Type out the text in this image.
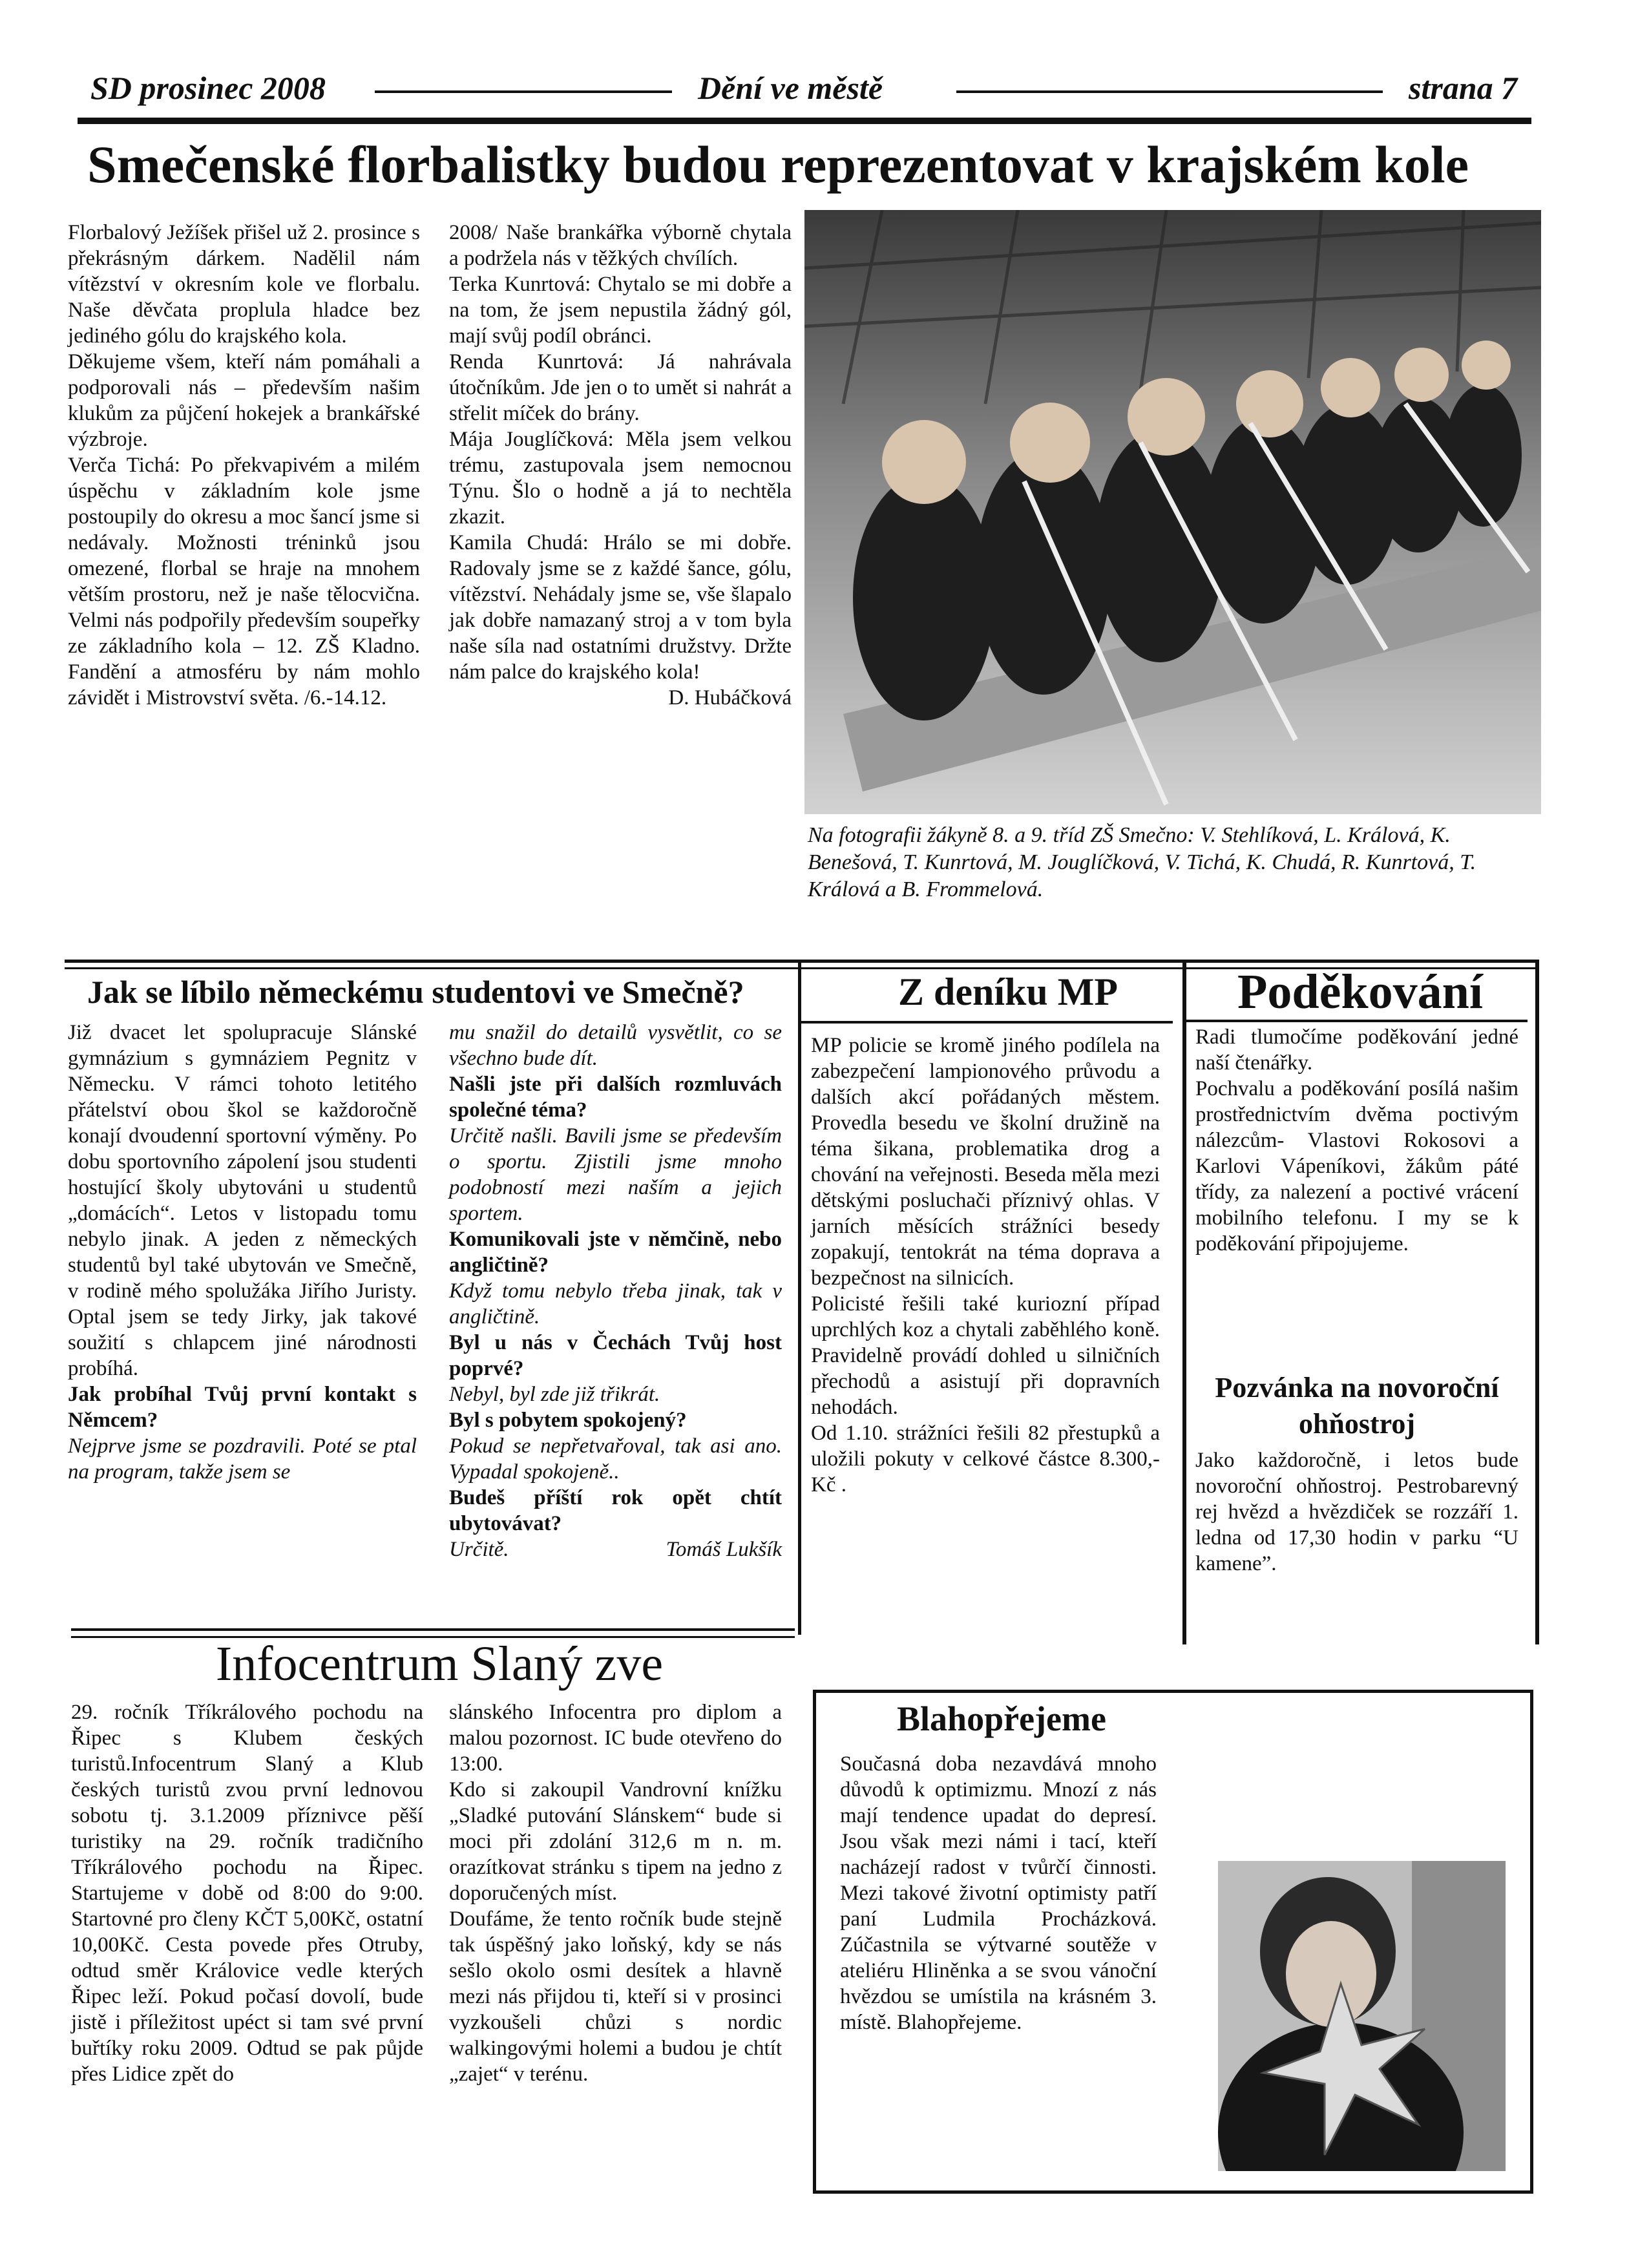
SD prosinec 2008	Dění ve městě	strana 7
Smečenské florbalistky budou reprezentovat v krajském kole

Florbalový Ježíšek přišel už 2. prosince s překrásným dárkem. Nadělil nám vítězství v okresním kole ve florbalu. Naše děvčata proplula hladce bez jediného gólu do krajského kola.

Děkujeme všem, kteří nám pomáhali a podporovali nás – především našim klukům za půjčení hokejek a brankářské výzbroje.

Verča Tichá: Po překvapivém a milém úspěchu v základním kole jsme postoupily do okresu a moc šancí jsme si nedávaly. Možnosti tréninků jsou omezené, florbal se hraje na mnohem větším prostoru, než je naše tělocvična. Velmi nás podpořily především soupeřky ze základního kola – 12. ZŠ Kladno. Fandění a atmosféru by nám mohlo závidět i Mistrovství světa. /6.-14.12.

2008/ Naše brankářka výborně chytala a podržela nás v těžkých chvílích.

Terka Kunrtová: Chytalo se mi dobře a na tom, že jsem nepustila žádný gól, mají svůj podíl obránci.

Renda Kunrtová: Já nahrávala útočníkům. Jde jen o to umět si nahrát a střelit míček do brány.

Mája Jouglíčková: Měla jsem velkou trému, zastupovala jsem nemocnou Týnu. Šlo o hodně a já to nechtěla zkazit.

Kamila Chudá: Hrálo se mi dobře. Radovaly jsme se z každé šance, gólu, vítězství. Nehádaly jsme se, vše šlapalo jak dobře namazaný stroj a v tom byla naše síla nad ostatními družstvy. Držte nám palce do krajského kola!

D. Hubáčková

Na fotografii žákyně 8. a 9. tříd ZŠ Smečno: V. Stehlíková, L. Králová, K. Benešová, T. Kunrtová, M. Jouglíčková, V. Tichá, K. Chudá, R. Kunrtová, T. Králová a B. Frommelová.
Jak se líbilo německému studentovi ve Smečně?

Již dvacet let spolupracuje Slánské gymnázium s gymnáziem Pegnitz v Německu. V rámci tohoto letitého přátelství obou škol se každoročně konají dvoudenní sportovní výměny. Po dobu sportovního zápolení jsou studenti hostující školy ubytováni u studentů „domácích“. Letos v listopadu tomu nebylo jinak. A jeden z německých studentů byl také ubytován ve Smečně, v rodině mého spolužáka Jiřího Juristy. Optal jsem se tedy Jirky, jak takové soužití s chlapcem jiné národnosti probíhá.

Jak probíhal Tvůj první kontakt s Němcem?

Nejprve jsme se pozdravili. Poté se ptal na program, takže jsem se

mu snažil do detailů vysvětlit, co se všechno bude dít.

Našli jste při dalších rozmluvách společné téma?

Určitě našli. Bavili jsme se především o sportu. Zjistili jsme mnoho podobností mezi naším a jejich sportem.

Komunikovali jste v němčině, nebo angličtině?

Když tomu nebylo třeba jinak, tak v angličtině.

Byl u nás v Čechách Tvůj host poprvé?

Nebyl, byl zde již třikrát.

Byl s pobytem spokojený?

Pokud se nepřetvařoval, tak asi ano. Vypadal spokojeně..

Budeš příští rok opět chtít ubytovávat?

Určitě.	Tomáš Lukšík

Z deníku MP

MP policie se kromě jiného podílela na zabezpečení lampionového průvodu a dalších akcí pořádaných městem. Provedla besedu ve školní družině na téma šikana, problematika drog a chování na veřejnosti. Beseda měla mezi dětskými posluchači příznivý ohlas. V jarních měsících strážníci besedy zopakují, tentokrát na téma doprava a bezpečnost na silnicích.

Policisté řešili také kuriozní případ uprchlých koz a chytali zaběhlého koně. Pravidelně provádí dohled u silničních přechodů a asistují při dopravních nehodách.

Od 1.10. strážníci řešili 82 přestupků a uložili pokuty v celkové částce 8.300,-Kč .

Poděkování

Radi tlumočíme poděkování jedné naší čtenářky.

Pochvalu a poděkování posílá našim prostřednictvím dvěma poctivým nálezcům- Vlastovi Rokosovi a Karlovi Vápeníkovi, žákům páté třídy, za nalezení a poctivé vrácení mobilního telefonu. I my se k poděkování připojujeme.

Pozvánka na novoroční ohňostroj
Jako každoročně, i letos bude novoroční ohňostroj. Pestrobarevný rej hvězd a hvězdiček se rozzáří 1. ledna od 17,30 hodin v parku “U kamene”.
Infocentrum Slaný zve

29. ročník Tříkrálového pochodu na Řipec s Klubem českých turistů.Infocentrum Slaný a Klub českých turistů zvou první lednovou sobotu tj. 3.1.2009 příznivce pěší turistiky na 29. ročník tradičního Tříkrálového pochodu na Řipec. Startujeme v době od 8:00 do 9:00. Startovné pro členy KČT 5,00Kč, ostatní 10,00Kč. Cesta povede přes Otruby, odtud směr Královice vedle kterých Řipec leží. Pokud počasí dovolí, bude jistě i příležitost upéct si tam své první buřtíky roku 2009. Odtud se pak půjde přes Lidice zpět do

slánského Infocentra pro diplom a malou pozornost. IC bude otevřeno do 13:00.

Kdo si zakoupil Vandrovní knížku „Sladké putování Slánskem“ bude si moci při zdolání 312,6 m n. m. orazítkovat stránku s tipem na jedno z doporučených míst.

Doufáme, že tento ročník bude stejně tak úspěšný jako loňský, kdy se nás sešlo okolo osmi desítek a hlavně mezi nás přijdou ti, kteří si v prosinci vyzkoušeli chůzi s nordic walkingovými holemi a budou je chtít „zajet“ v terénu.

Blahopřejeme
Současná doba nezavdává mnoho důvodů k optimizmu. Mnozí z nás mají tendence upadat do depresí. Jsou však mezi námi i tací, kteří nacházejí radost v tvůrčí činnosti. Mezi takové životní optimisty patří paní Ludmila Procházková. Zúčastnila se výtvarné soutěže v ateliéru Hliněnka a se svou vánoční hvězdou se umístila na krásném 3. místě. Blahopřejeme.
